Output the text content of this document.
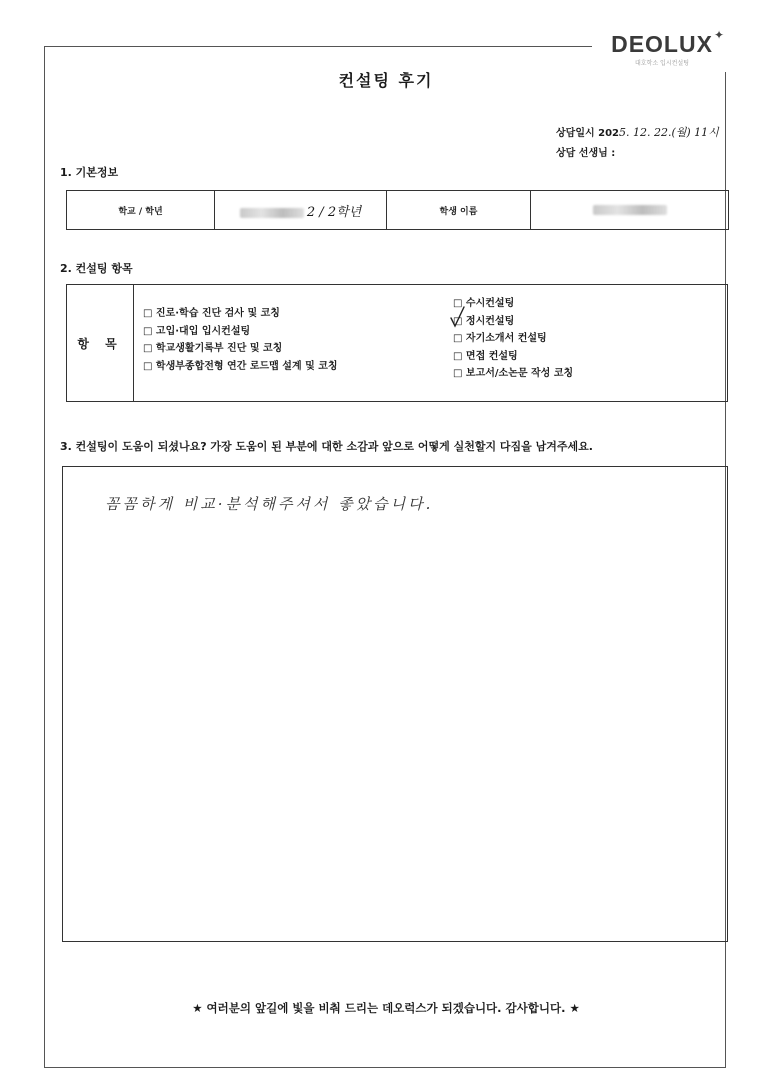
DEOLUX ✦
대호학소 입시컨설팅
컨설팅 후기
상담일시 2025. 12. 22.(월) 11시
상담 선생님 :
1. 기본정보
학교 / 학년	2 / 2학년	학생 이름	
2. 컨설팅 항목
항 목
□ 진로·학습 진단 검사 및 코칭
□ 고입·대입 입시컨설팅
□ 학교생활기록부 진단 및 코칭
□ 학생부종합전형 연간 로드맵 설계 및 코칭
□ 수시컨설팅
□ 정시컨설팅
□ 자기소개서 컨설팅
□ 면접 컨설팅
□ 보고서/소논문 작성 코칭
3. 컨설팅이 도움이 되셨나요? 가장 도움이 된 부분에 대한 소감과 앞으로 어떻게 실천할지 다짐을 남겨주세요.
꼼꼼하게 비교·분석해주셔서 좋았습니다.
★ 여러분의 앞길에 빛을 비춰 드리는 데오럭스가 되겠습니다. 감사합니다. ★
